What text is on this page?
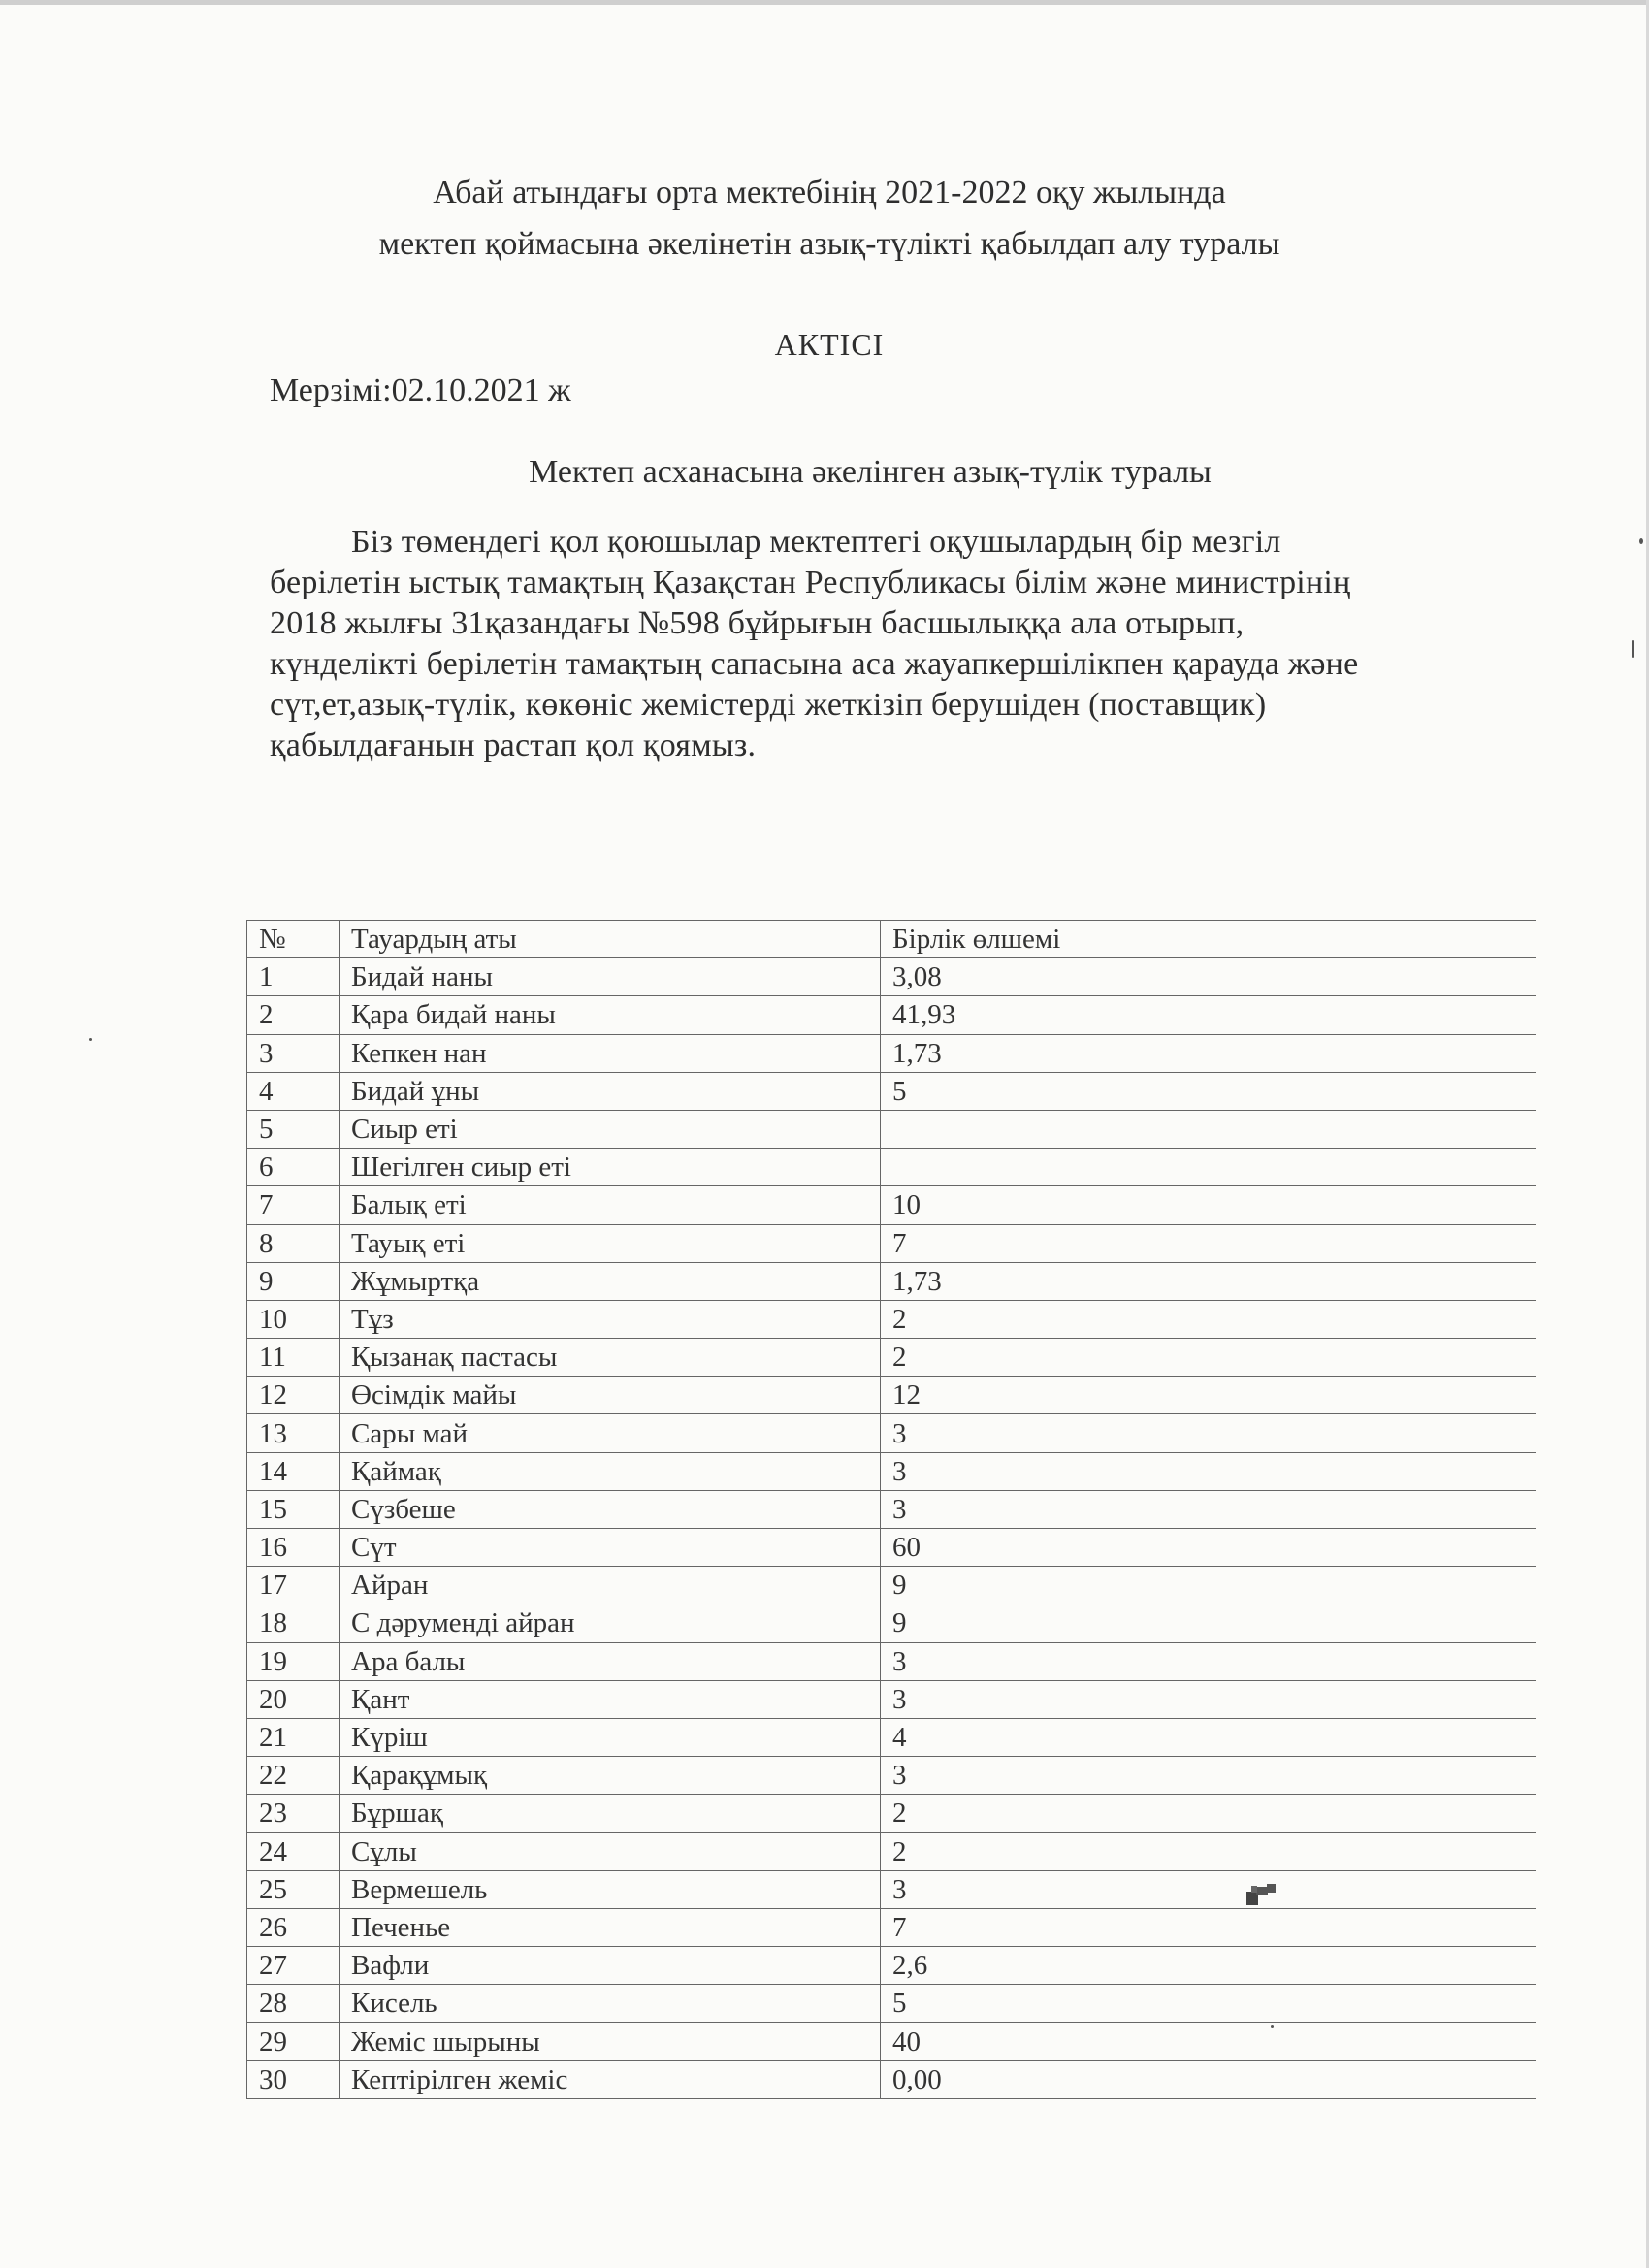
Абай атындағы орта мектебінің 2021-2022 оқу жылында
мектеп қоймасына әкелінетін азық-түлікті қабылдап алу туралы
АКТІСІ
Мерзімі:02.10.2021 ж
Мектеп асханасына әкелінген азық-түлік туралы
Біз төмендегі қол қоюшылар мектептегі оқушылардың бір мезгіл
берілетін ыстық тамақтың Қазақстан Республикасы білім және министрінің
2018 жылғы 31қазандағы №598 бұйрығын басшылыққа ала отырып,
күнделікті берілетін тамақтың сапасына аса жауапкершілікпен қарауда және
сүт,ет,азық-түлік, көкөніс жемістерді жеткізіп берушіден (поставщик)
қабылдағанын растап қол қоямыз.
№	Тауардың аты	Бірлік өлшемі
1	Бидай наны	3,08
2	Қара бидай наны	41,93
3	Кепкен нан	1,73
4	Бидай ұны	5
5	Сиыр еті	
6	Шегілген сиыр еті	
7	Балық еті	10
8	Тауық еті	7
9	Жұмыртқа	1,73
10	Тұз	2
11	Қызанақ пастасы	2
12	Өсімдік майы	12
13	Сары май	3
14	Қаймақ	3
15	Сүзбеше	3
16	Сүт	60
17	Айран	9
18	С дәруменді айран	9
19	Ара балы	3
20	Қант	3
21	Күріш	4
22	Қарақұмық	3
23	Бұршақ	2
24	Сұлы	2
25	Вермешель	3
26	Печенье	7
27	Вафли	2,6
28	Кисель	5
29	Жеміс шырыны	40
30	Кептірілген жеміс	0,00
